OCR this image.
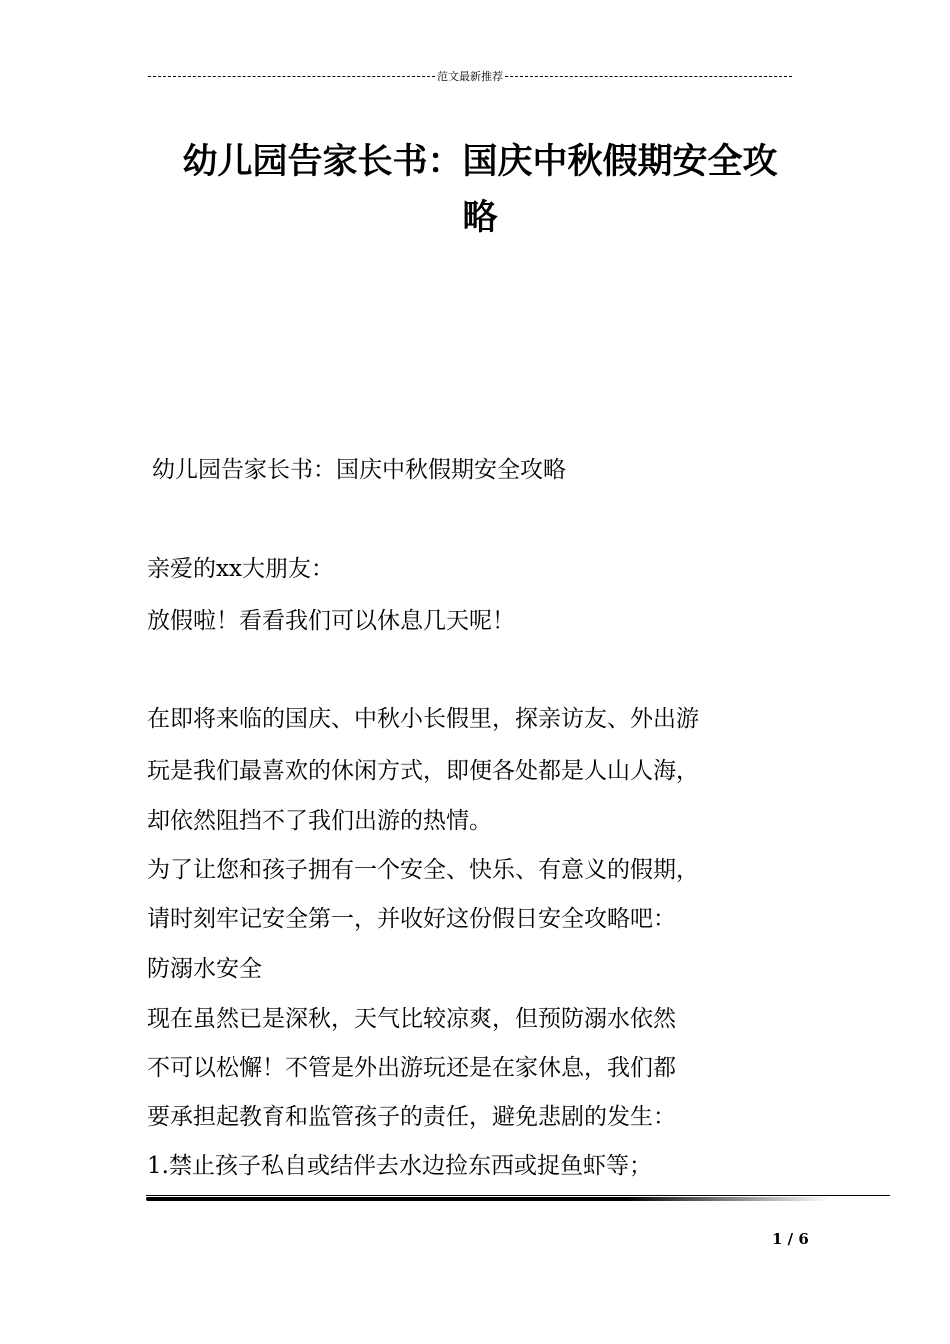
范文最新推荐
幼儿园告家长书：国庆中秋假期安全攻
略

幼儿园告家长书：国庆中秋假期安全攻略

亲爱的xx大朋友：

放假啦！看看我们可以休息几天呢！

在即将来临的国庆、中秋小长假里，探亲访友、外出游

玩是我们最喜欢的休闲方式，即便各处都是人山人海，

却依然阻挡不了我们出游的热情。

为了让您和孩子拥有一个安全、快乐、有意义的假期，

请时刻牢记安全第一，并收好这份假日安全攻略吧：

防溺水安全

现在虽然已是深秋，天气比较凉爽，但预防溺水依然

不可以松懈！不管是外出游玩还是在家休息，我们都

要承担起教育和监管孩子的责任，避免悲剧的发生：

1.禁止孩子私自或结伴去水边捡东西或捉鱼虾等；

1 / 6
